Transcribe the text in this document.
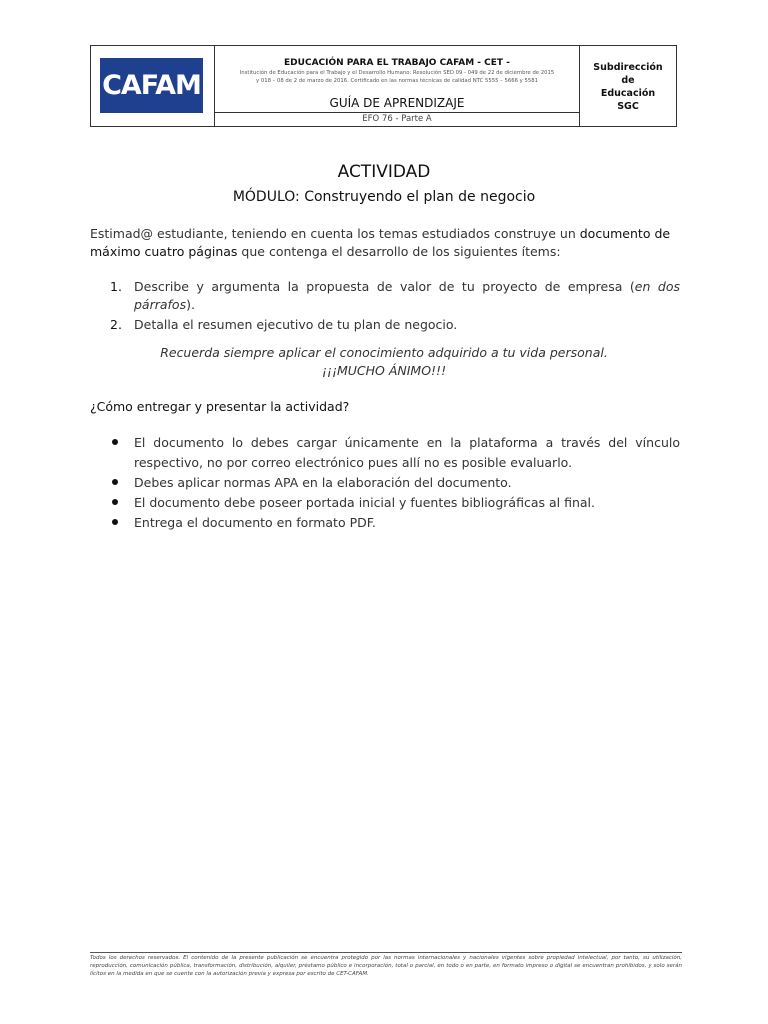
CAFAM
EDUCACIÓN PARA EL TRABAJO CAFAM - CET -
Institución de Educación para el Trabajo y el Desarrollo Humano: Resolución SED 09 - 049 de 22 de diciembre de 2015
y 018 – 08 de 2 de marzo de 2016. Certificado en las normas técnicas de calidad NTC 5555 – 5666 y 5581
GUÍA DE APRENDIZAJE
EFO 76 - Parte A
Subdirección
de
Educación
SGC
ACTIVIDAD
MÓDULO: Construyendo el plan de negocio
Estimad@ estudiante, teniendo en cuenta los temas estudiados construye un documento de máximo cuatro páginas que contenga el desarrollo de los siguientes ítems:
1. Describe y argumenta la propuesta de valor de tu proyecto de empresa (en dos párrafos).
2. Detalla el resumen ejecutivo de tu plan de negocio.
Recuerda siempre aplicar el conocimiento adquirido a tu vida personal.
¡¡¡MUCHO ÁNIMO!!!
¿Cómo entregar y presentar la actividad?
El documento lo debes cargar únicamente en la plataforma a través del vínculo respectivo, no por correo electrónico pues allí no es posible evaluarlo.
Debes aplicar normas APA en la elaboración del documento.
El documento debe poseer portada inicial y fuentes bibliográficas al final.
Entrega el documento en formato PDF.
Todos los derechos reservados. El contenido de la presente publicación se encuentra protegido por las normas internacionales y nacionales vigentes sobre propiedad intelectual, por tanto, su utilización, reproducción, comunicación pública, transformación, distribución, alquiler, préstamo público e incorporación, total o parcial, en todo o en parte, en formato impreso o digital se encuentran prohibidos, y solo serán lícitos en la medida en que se cuente con la autorización previa y expresa por escrito de CET-CAFAM.
